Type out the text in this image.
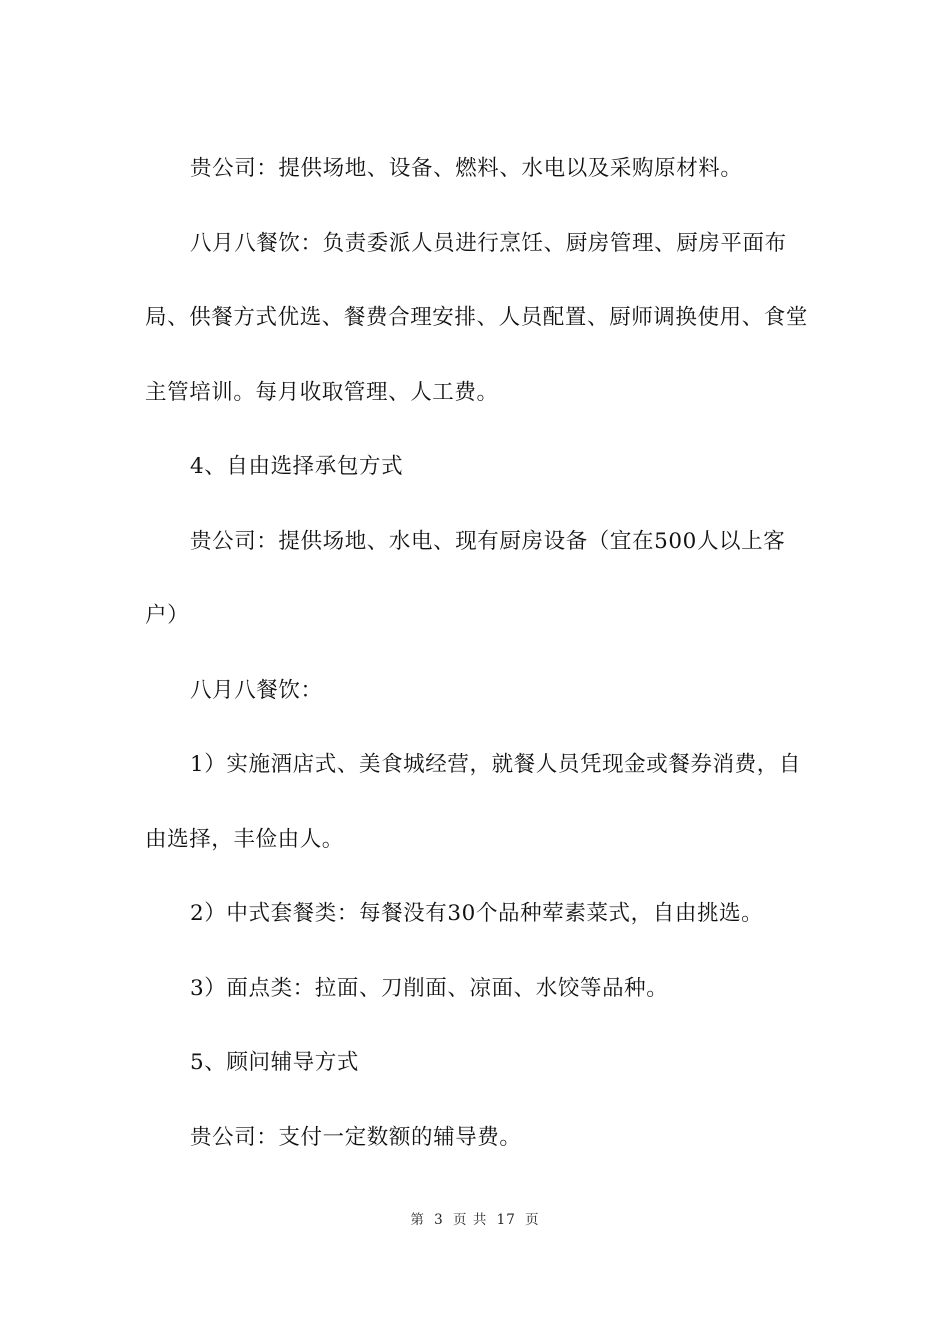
贵公司：提供场地、设备、燃料、水电以及采购原材料。

八月八餐饮：负责委派人员进行烹饪、厨房管理、厨房平面布局、供餐方式优选、餐费合理安排、人员配置、厨师调换使用、食堂主管培训。每月收取管理、人工费。

4、自由选择承包方式

贵公司：提供场地、水电、现有厨房设备（宜在500人以上客户）

八月八餐饮：

1）实施酒店式、美食城经营，就餐人员凭现金或餐券消费，自由选择，丰俭由人。

2）中式套餐类：每餐没有30个品种荤素菜式，自由挑选。

3）面点类：拉面、刀削面、凉面、水饺等品种。

5、顾问辅导方式

贵公司：支付一定数额的辅导费。

第 3 页 共 17 页
